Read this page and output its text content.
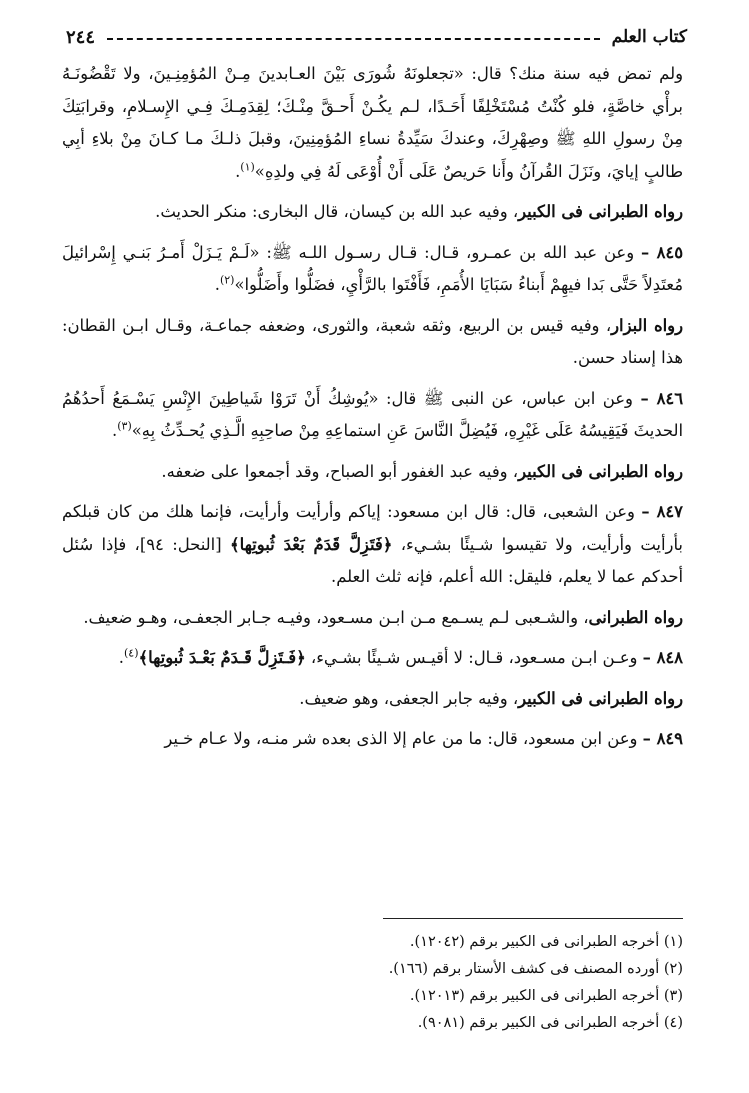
كتاب العلم
٢٤٤

ولم تمض فيه سنة منك؟ قال: «تجعلونَهُ شُورَى بَيْنَ العـابدينَ مِـنْ المُؤمِنِـينَ، ولا تَقْضُونَـهُ برأْي خاصَّةٍ، فلو كُنْتُ مُسْتَخْلِفًا أَحَـدًا، لـم يكُـنْ أَحـقَّ مِنْـكَ؛ لِقِدَمِـكَ فِـي الإِسـلامِ، وقرابَتِكَ مِنْ رسولِ اللهِ ﷺ وصِهْرِكَ، وعندكَ سَيِّدةُ نساءِ المُؤمِنِينَ، وقبلَ ذلـكَ مـا كـانَ مِنْ بلاءِ أبِي طالبٍ إيايَ، ونَزَلَ القُرآنُ وأَنا حَريصٌ عَلَى أَنْ أُوْعَى لَهُ فِي ولدِهِ»$^{(١)}$.

رواه الطبرانى فى الكبير، وفيه عبد الله بن كيسان، قال البخارى: منكر الحديث.

٨٤٥ – وعن عبد الله بن عمـرو، قـال: قـال رسـول اللـه ﷺ: «لَـمْ يَـزَلْ أَمـرُ بَنـي إِسْرائيلَ مُعتَدِلاً حَتَّى بَدا فيهِمْ أَبناءُ سَبَايَا الأُمَمِ، فَأَفْتَوا بالرَّأْيِ، فضَلُّوا وأَضَلُّوا»$^{(٢)}$.

رواه البزار، وفيه قيس بن الربيع، وثقه شعبة، والثورى، وضعفه جماعـة، وقـال ابـن القطان: هذا إسناد حسن.

٨٤٦ – وعن ابن عباس، عن النبى ﷺ قال: «يُوشِكُ أَنْ تَرَوْا شَياطِينَ الإِنْسِ يَسْـمَعُ أَحدُهُمُ الحديثَ فَيَقِيسُهُ عَلَى غَيْرِهِ، فَيُضِلَّ النَّاسَ عَنِ استماعِهِ مِنْ صاحِبِهِ الَّـذِي يُحـدِّثُ بِهِ»$^{(٣)}$.

رواه الطبرانى فى الكبير، وفيه عبد الغفور أبو الصباح، وقد أجمعوا على ضعفه.

٨٤٧ – وعن الشعبى، قال: قال ابن مسعود: إياكم وأرأيت وأرأيت، فإنما هلك من كان قبلكم بأرأيت وأرأيت، ولا تقيسوا شـيئًا بشـيء، ﴿فَتَزِلَّ قَدَمٌ بَعْدَ ثُبوتِها﴾ [النحل: ٩٤]، فإذا سُئل أحدكم عما لا يعلم، فليقل: الله أعلم، فإنه ثلث العلم.

رواه الطبرانى، والشـعبى لـم يسـمع مـن ابـن مسـعود، وفيـه جـابر الجعفـى، وهـو ضعيف.

٨٤٨ – وعـن ابـن مسـعود، قـال: لا أقيـس شـيئًا بشـيء، ﴿فَـتَزِلَّ قَـدَمٌ بَعْـدَ ثُبوتِها﴾$^{(٤)}$.

رواه الطبرانى فى الكبير، وفيه جابر الجعفى، وهو ضعيف.

٨٤٩ – وعن ابن مسعود، قال: ما من عام إلا الذى بعده شر منـه، ولا عـام خـير

(١) أخرجه الطبرانى فى الكبير برقم (١٢٠٤٢).

(٢) أورده المصنف فى كشف الأستار برقم (١٦٦).

(٣) أخرجه الطبرانى فى الكبير برقم (١٢٠١٣).

(٤) أخرجه الطبرانى فى الكبير برقم (٩٠٨١).
